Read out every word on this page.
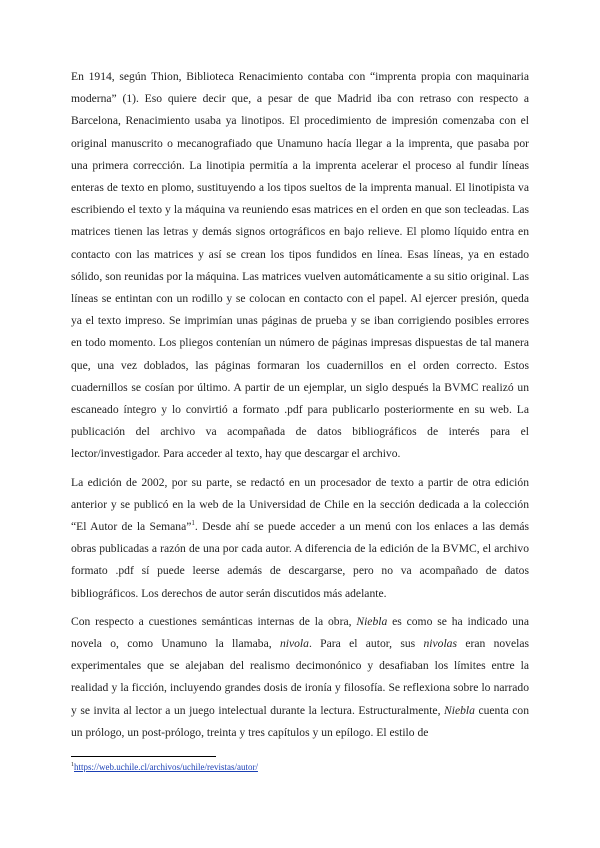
En 1914, según Thion, Biblioteca Renacimiento contaba con “imprenta propia con maquinaria moderna” (1). Eso quiere decir que, a pesar de que Madrid iba con retraso con respecto a Barcelona, Renacimiento usaba ya linotipos. El procedimiento de impresión comenzaba con el original manuscrito o mecanografiado que Unamuno hacía llegar a la imprenta, que pasaba por una primera corrección. La linotipia permitía a la imprenta acelerar el proceso al fundir líneas enteras de texto en plomo, sustituyendo a los tipos sueltos de la imprenta manual. El linotipista va escribiendo el texto y la máquina va reuniendo esas matrices en el orden en que son tecleadas. Las matrices tienen las letras y demás signos ortográficos en bajo relieve. El plomo líquido entra en contacto con las matrices y así se crean los tipos fundidos en línea. Esas líneas, ya en estado sólido, son reunidas por la máquina. Las matrices vuelven automáticamente a su sitio original. Las líneas se entintan con un rodillo y se colocan en contacto con el papel. Al ejercer presión, queda ya el texto impreso. Se imprimían unas páginas de prueba y se iban corrigiendo posibles errores en todo momento. Los pliegos contenían un número de páginas impresas dispuestas de tal manera que, una vez doblados, las páginas formaran los cuadernillos en el orden correcto. Estos cuadernillos se cosían por último. A partir de un ejemplar, un siglo después la BVMC realizó un escaneado íntegro y lo convirtió a formato .pdf para publicarlo posteriormente en su web. La publicación del archivo va acompañada de datos bibliográficos de interés para el lector/investigador. Para acceder al texto, hay que descargar el archivo.

La edición de 2002, por su parte, se redactó en un procesador de texto a partir de otra edición anterior y se publicó en la web de la Universidad de Chile en la sección dedicada a la colección “El Autor de la Semana”$^1$. Desde ahí se puede acceder a un menú con los enlaces a las demás obras publicadas a razón de una por cada autor. A diferencia de la edición de la BVMC, el archivo formato .pdf sí puede leerse además de descargarse, pero no va acompañado de datos bibliográficos. Los derechos de autor serán discutidos más adelante.

Con respecto a cuestiones semánticas internas de la obra, Niebla es como se ha indicado una novela o, como Unamuno la llamaba, nivola. Para el autor, sus nivolas eran novelas experimentales que se alejaban del realismo decimonónico y desafiaban los límites entre la realidad y la ficción, incluyendo grandes dosis de ironía y filosofía. Se reflexiona sobre lo narrado y se invita al lector a un juego intelectual durante la lectura. Estructuralmente, Niebla cuenta con un prólogo, un post-prólogo, treinta y tres capítulos y un epílogo. El estilo de

$^1$https://web.uchile.cl/archivos/uchile/revistas/autor/
